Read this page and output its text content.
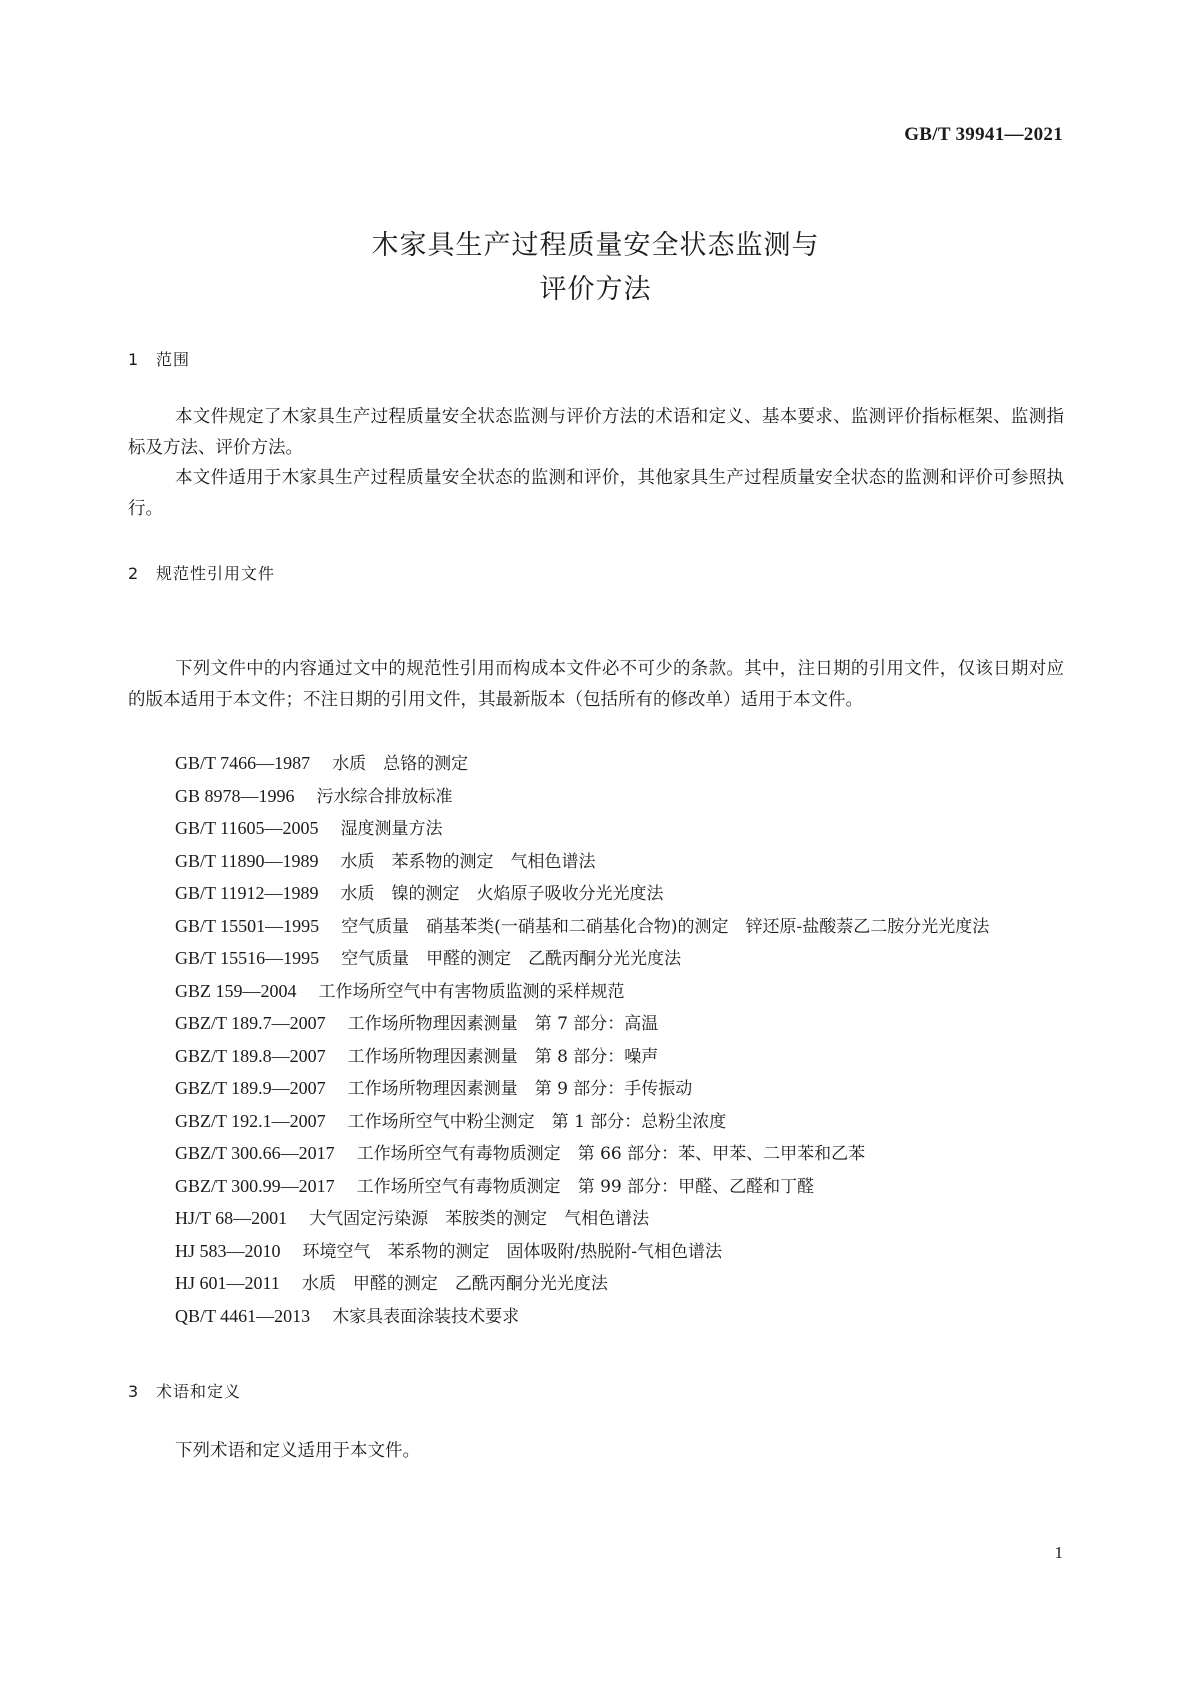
GB/T 39941—2021
木家具生产过程质量安全状态监测与
评价方法
1 范围

本文件规定了木家具生产过程质量安全状态监测与评价方法的术语和定义、基本要求、监测评价指标框架、监测指标及方法、评价方法。

本文件适用于木家具生产过程质量安全状态的监测和评价，其他家具生产过程质量安全状态的监测和评价可参照执行。

2 规范性引用文件

下列文件中的内容通过文中的规范性引用而构成本文件必不可少的条款。其中，注日期的引用文件，仅该日期对应的版本适用于本文件；不注日期的引用文件，其最新版本（包括所有的修改单）适用于本文件。

GB/T 7466—1987 水质　总铬的测定
GB 8978—1996 污水综合排放标准
GB/T 11605—2005 湿度测量方法
GB/T 11890—1989 水质　苯系物的测定　气相色谱法
GB/T 11912—1989 水质　镍的测定　火焰原子吸收分光光度法
GB/T 15501—1995 空气质量　硝基苯类(一硝基和二硝基化合物)的测定　锌还原-盐酸萘乙二胺分光光度法
GB/T 15516—1995 空气质量　甲醛的测定　乙酰丙酮分光光度法
GBZ 159—2004 工作场所空气中有害物质监测的采样规范
GBZ/T 189.7—2007 工作场所物理因素测量　第 7 部分：高温
GBZ/T 189.8—2007 工作场所物理因素测量　第 8 部分：噪声
GBZ/T 189.9—2007 工作场所物理因素测量　第 9 部分：手传振动
GBZ/T 192.1—2007 工作场所空气中粉尘测定　第 1 部分：总粉尘浓度
GBZ/T 300.66—2017 工作场所空气有毒物质测定　第 66 部分：苯、甲苯、二甲苯和乙苯
GBZ/T 300.99—2017 工作场所空气有毒物质测定　第 99 部分：甲醛、乙醛和丁醛
HJ/T 68—2001 大气固定污染源　苯胺类的测定　气相色谱法
HJ 583—2010 环境空气　苯系物的测定　固体吸附/热脱附-气相色谱法
HJ 601—2011 水质　甲醛的测定　乙酰丙酮分光光度法
QB/T 4461—2013 木家具表面涂装技术要求
3 术语和定义

下列术语和定义适用于本文件。

1
